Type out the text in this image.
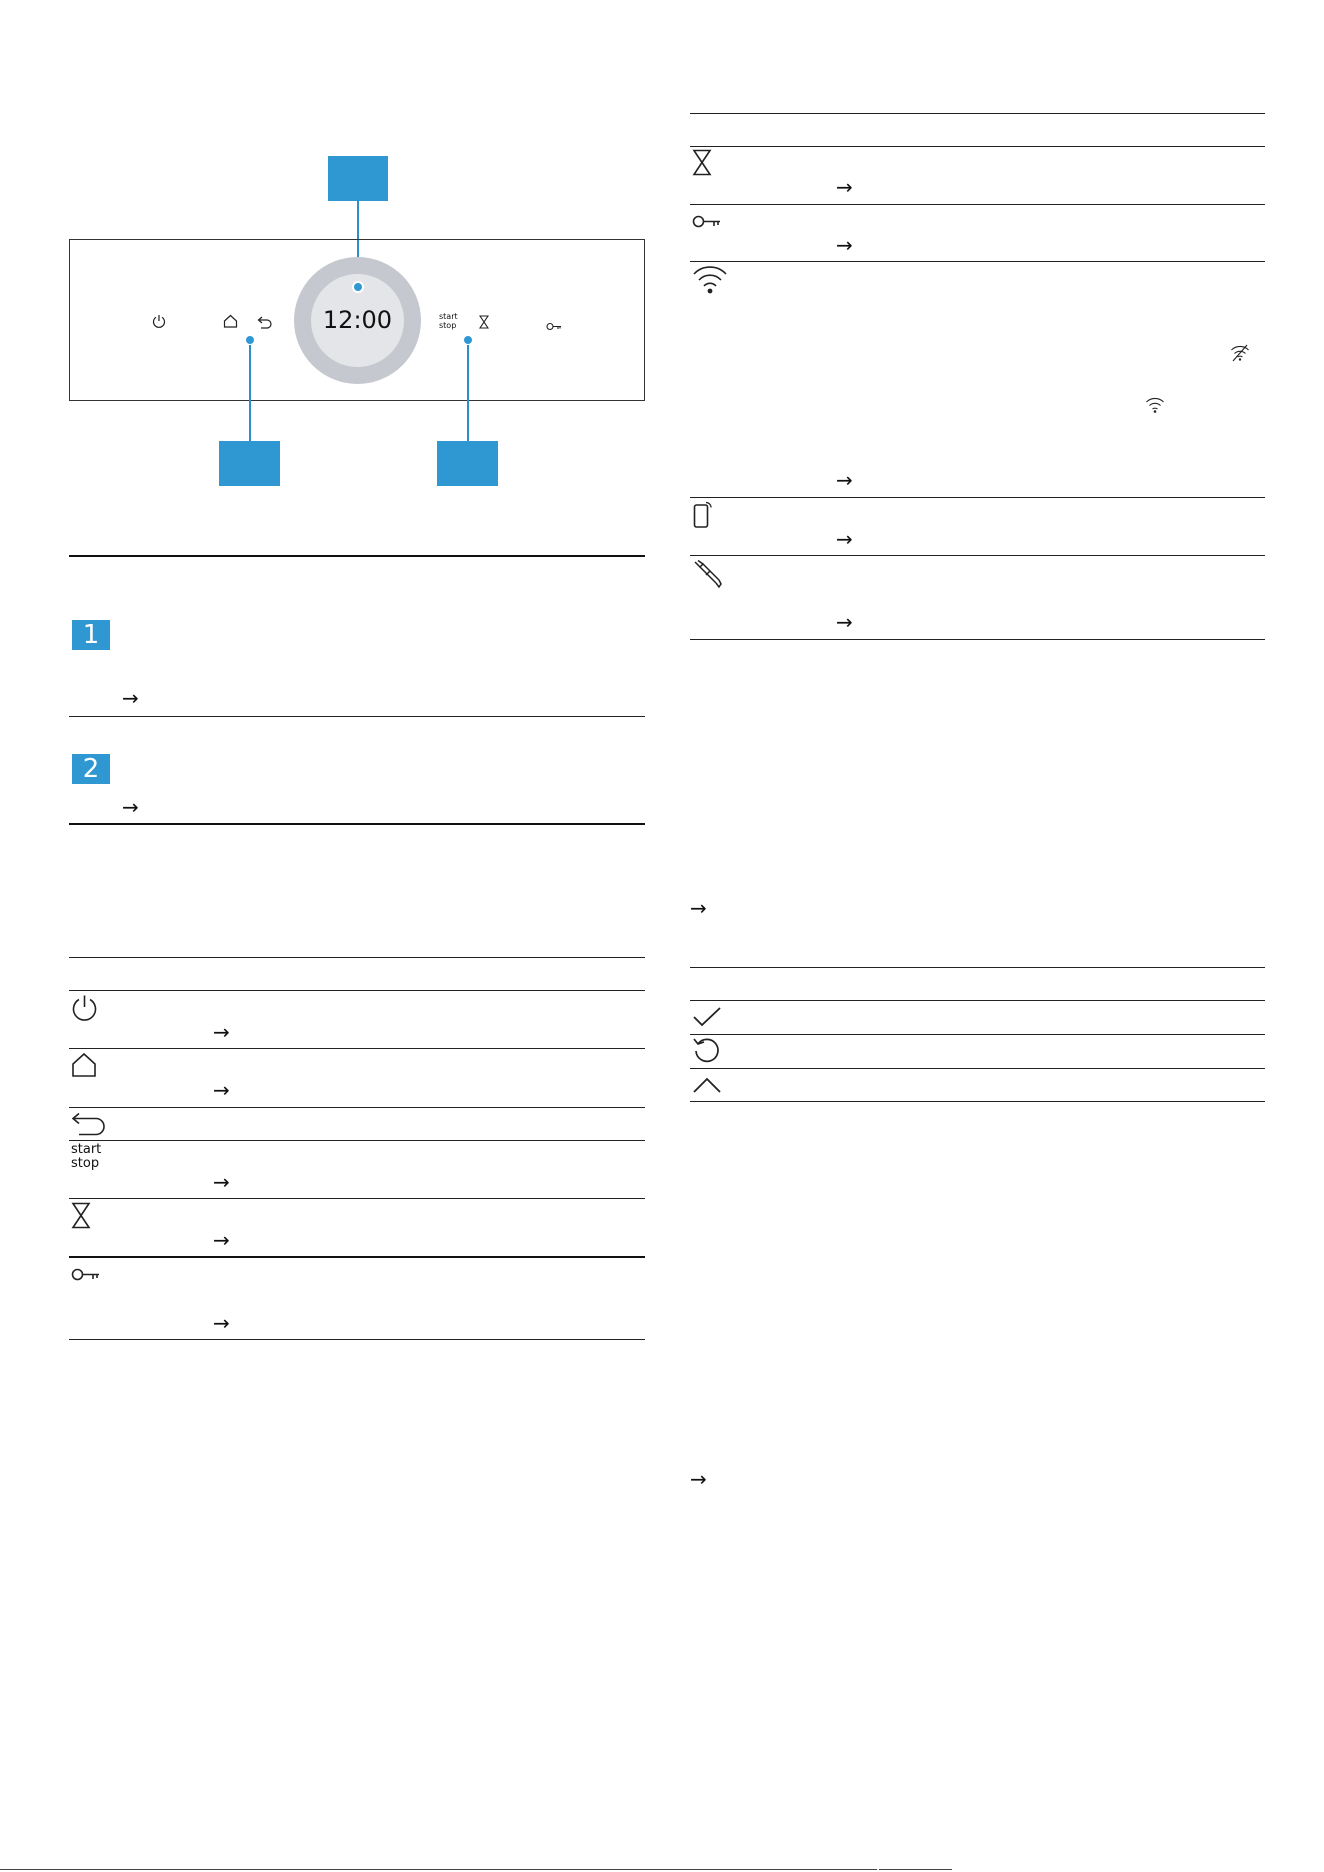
12:00	start
stop
1
→
2
→
→
→
start
stop
→
→
→
→
→
→
→
→
→
→
